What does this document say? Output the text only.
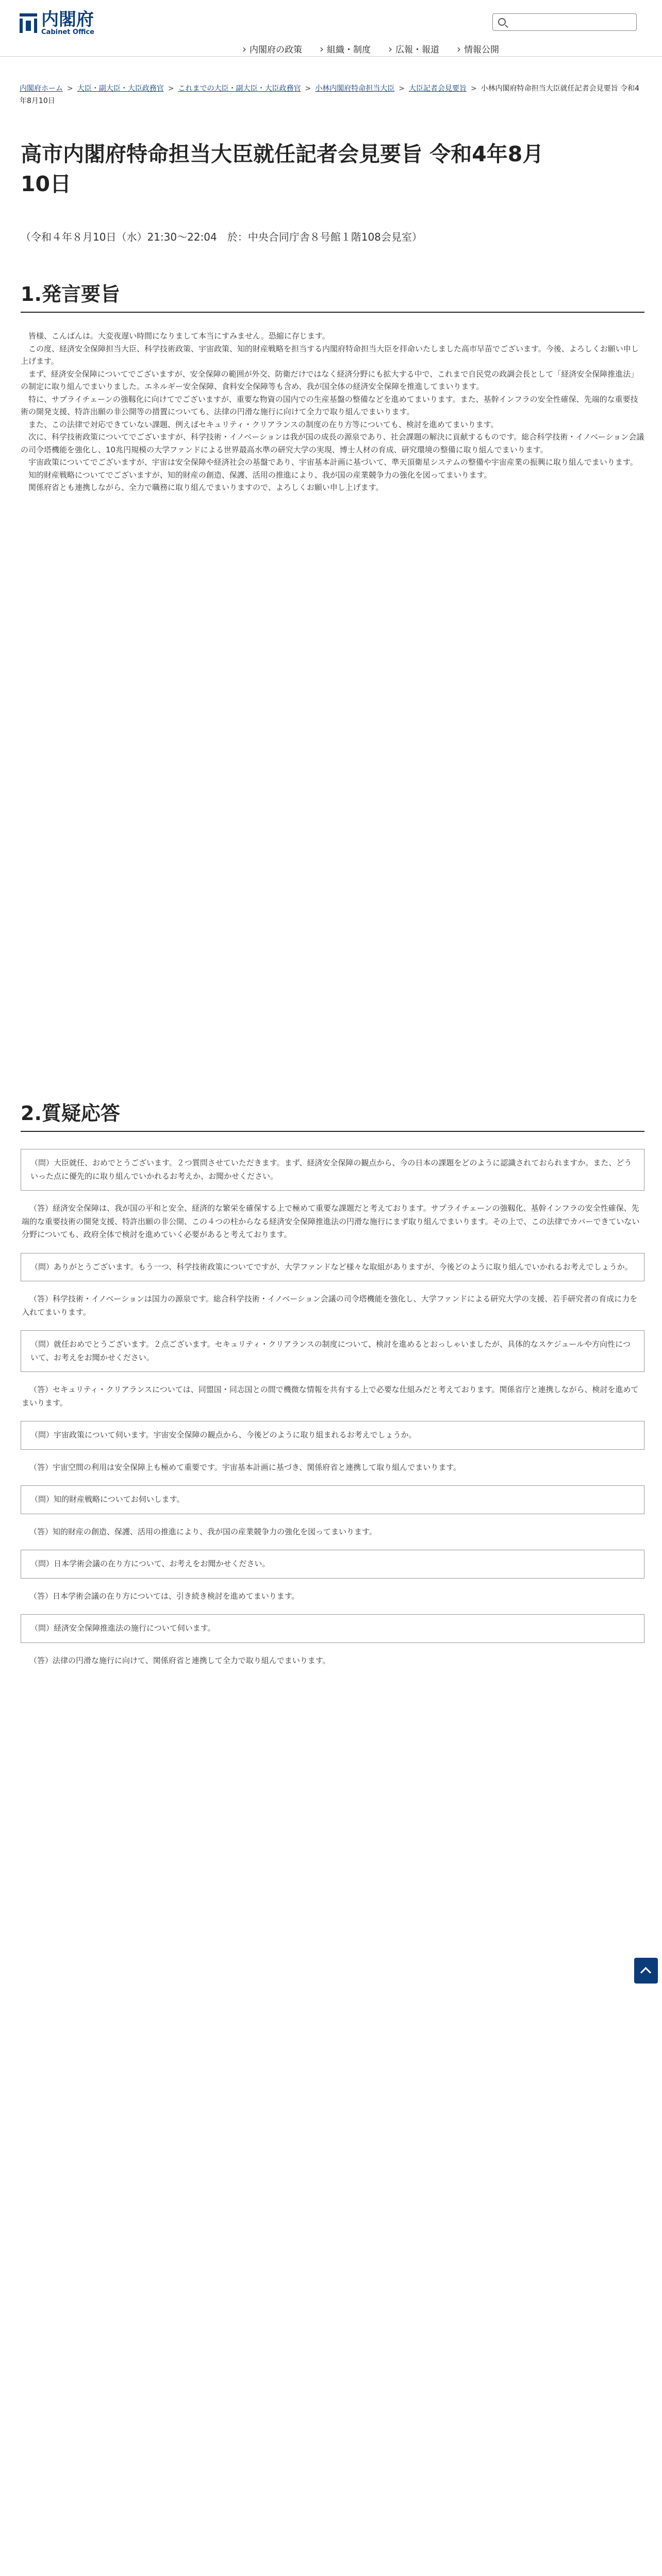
内閣府
Cabinet Office
› 内閣府の政策	› 組織・制度	› 広報・報道	› 情報公開
内閣府ホーム > 大臣・副大臣・大臣政務官 > これまでの大臣・副大臣・大臣政務官 > 小林内閣府特命担当大臣 > 大臣記者会見要旨 > 小林内閣府特命担当大臣就任記者会見要旨 令和4年8月10日
高市内閣府特命担当大臣就任記者会見要旨 令和4年8月10日
（令和４年８月10日（水）21:30～22:04　於：中央合同庁舎８号館１階108会見室）
1.発言要旨

皆様、こんばんは。大変夜遅い時間になりまして本当にすみません。恐縮に存じます。

この度、経済安全保障担当大臣、科学技術政策、宇宙政策、知的財産戦略を担当する内閣府特命担当大臣を拝命いたしました高市早苗でございます。今後、よろしくお願い申し上げます。

まず、経済安全保障についてでございますが、安全保障の範囲が外交、防衛だけではなく経済分野にも拡大する中で、これまで自民党の政調会長として「経済安全保障推進法」の制定に取り組んでまいりました。エネルギー安全保障、食料安全保障等も含め、我が国全体の経済安全保障を推進してまいります。

特に、サプライチェーンの強靱化に向けてでございますが、重要な物資の国内での生産基盤の整備などを進めてまいります。また、基幹インフラの安全性確保、先端的な重要技術の開発支援、特許出願の非公開等の措置についても、法律の円滑な施行に向けて全力で取り組んでまいります。

また、この法律で対応できていない課題、例えばセキュリティ・クリアランスの制度の在り方等についても、検討を進めてまいります。

次に、科学技術政策についてでございますが、科学技術・イノベーションは我が国の成長の源泉であり、社会課題の解決に貢献するものです。総合科学技術・イノベーション会議の司令塔機能を強化し、10兆円規模の大学ファンドによる世界最高水準の研究大学の実現、博士人材の育成、研究環境の整備に取り組んでまいります。

宇宙政策についてでございますが、宇宙は安全保障や経済社会の基盤であり、宇宙基本計画に基づいて、準天頂衛星システムの整備や宇宙産業の振興に取り組んでまいります。

知的財産戦略についてでございますが、知的財産の創造、保護、活用の推進により、我が国の産業競争力の強化を図ってまいります。

関係府省とも連携しながら、全力で職務に取り組んでまいりますので、よろしくお願い申し上げます。

2.質疑応答
（問）大臣就任、おめでとうございます。２つ質問させていただきます。まず、経済安全保障の観点から、今の日本の課題をどのように認識されておられますか。また、どういった点に優先的に取り組んでいかれるお考えか、お聞かせください。

（答）経済安全保障は、我が国の平和と安全、経済的な繁栄を確保する上で極めて重要な課題だと考えております。サプライチェーンの強靱化、基幹インフラの安全性確保、先端的な重要技術の開発支援、特許出願の非公開、この４つの柱からなる経済安全保障推進法の円滑な施行にまず取り組んでまいります。その上で、この法律でカバーできていない分野についても、政府全体で検討を進めていく必要があると考えております。

（問）ありがとうございます。もう一つ、科学技術政策についてですが、大学ファンドなど様々な取組がありますが、今後どのように取り組んでいかれるお考えでしょうか。

（答）科学技術・イノベーションは国力の源泉です。総合科学技術・イノベーション会議の司令塔機能を強化し、大学ファンドによる研究大学の支援、若手研究者の育成に力を入れてまいります。

（問）就任おめでとうございます。２点ございます。セキュリティ・クリアランスの制度について、検討を進めるとおっしゃいましたが、具体的なスケジュールや方向性について、お考えをお聞かせください。

（答）セキュリティ・クリアランスについては、同盟国・同志国との間で機微な情報を共有する上で必要な仕組みだと考えております。関係省庁と連携しながら、検討を進めてまいります。

（問）宇宙政策について伺います。宇宙安全保障の観点から、今後どのように取り組まれるお考えでしょうか。

（答）宇宙空間の利用は安全保障上も極めて重要です。宇宙基本計画に基づき、関係府省と連携して取り組んでまいります。

（問）知的財産戦略についてお伺いします。

（答）知的財産の創造、保護、活用の推進により、我が国の産業競争力の強化を図ってまいります。

（問）日本学術会議の在り方について、お考えをお聞かせください。

（答）日本学術会議の在り方については、引き続き検討を進めてまいります。

（問）経済安全保障推進法の施行について伺います。

（答）法律の円滑な施行に向けて、関係府省と連携して全力で取り組んでまいります。
